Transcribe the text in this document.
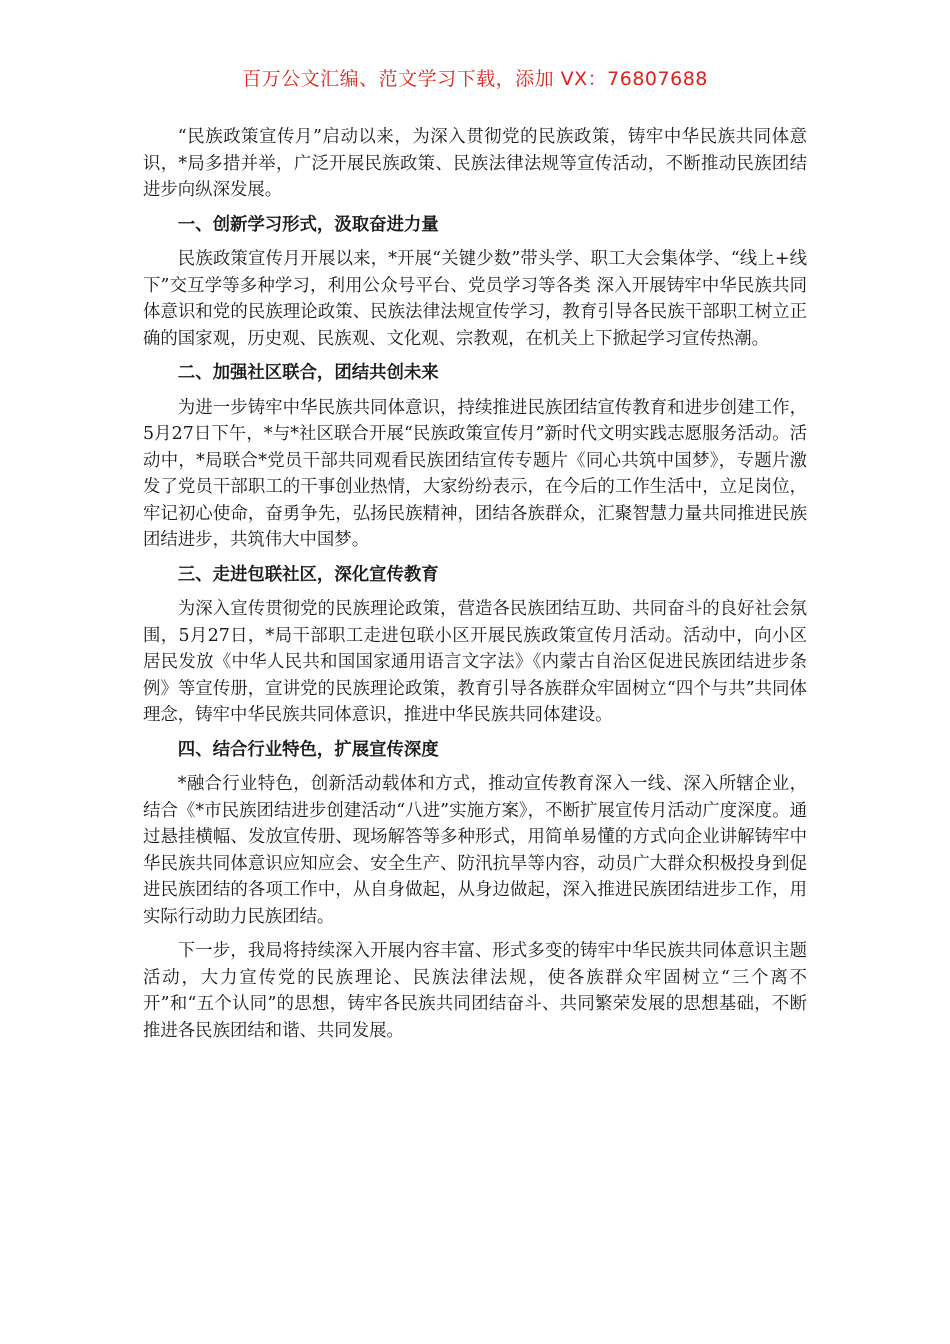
百万公文汇编、范文学习下载，添加 VX：76807688

“民族政策宣传月”启动以来，为深入贯彻党的民族政策，铸牢中华民族共同体意识，*局多措并举，广泛开展民族政策、民族法律法规等宣传活动，不断推动民族团结进步向纵深发展。

一、创新学习形式，汲取奋进力量

民族政策宣传月开展以来，*开展“关键少数”带头学、职工大会集体学、“线上+线下”交互学等多种学习，利用公众号平台、党员学习等各类 深入开展铸牢中华民族共同体意识和党的民族理论政策、民族法律法规宣传学习，教育引导各民族干部职工树立正确的国家观，历史观、民族观、文化观、宗教观，在机关上下掀起学习宣传热潮。

二、加强社区联合，团结共创未来

为进一步铸牢中华民族共同体意识，持续推进民族团结宣传教育和进步创建工作，5月27日下午，*与*社区联合开展“民族政策宣传月”新时代文明实践志愿服务活动。活动中，*局联合*党员干部共同观看民族团结宣传专题片《同心共筑中国梦》，专题片激发了党员干部职工的干事创业热情，大家纷纷表示，在今后的工作生活中，立足岗位，牢记初心使命，奋勇争先，弘扬民族精神，团结各族群众，汇聚智慧力量共同推进民族团结进步，共筑伟大中国梦。

三、走进包联社区，深化宣传教育

为深入宣传贯彻党的民族理论政策，营造各民族团结互助、共同奋斗的良好社会氛围，5月27日，*局干部职工走进包联小区开展民族政策宣传月活动。活动中，向小区居民发放《中华人民共和国国家通用语言文字法》《内蒙古自治区促进民族团结进步条例》等宣传册，宣讲党的民族理论政策，教育引导各族群众牢固树立“四个与共”共同体理念，铸牢中华民族共同体意识，推进中华民族共同体建设。

四、结合行业特色，扩展宣传深度

*融合行业特色，创新活动载体和方式，推动宣传教育深入一线、深入所辖企业，结合《*市民族团结进步创建活动“八进”实施方案》，不断扩展宣传月活动广度深度。通过悬挂横幅、发放宣传册、现场解答等多种形式，用简单易懂的方式向企业讲解铸牢中华民族共同体意识应知应会、安全生产、防汛抗旱等内容，动员广大群众积极投身到促进民族团结的各项工作中，从自身做起，从身边做起，深入推进民族团结进步工作，用实际行动助力民族团结。

下一步，我局将持续深入开展内容丰富、形式多变的铸牢中华民族共同体意识主题活动，大力宣传党的民族理论、民族法律法规，使各族群众牢固树立“三个离不开”和“五个认同”的思想，铸牢各民族共同团结奋斗、共同繁荣发展的思想基础，不断推进各民族团结和谐、共同发展。
